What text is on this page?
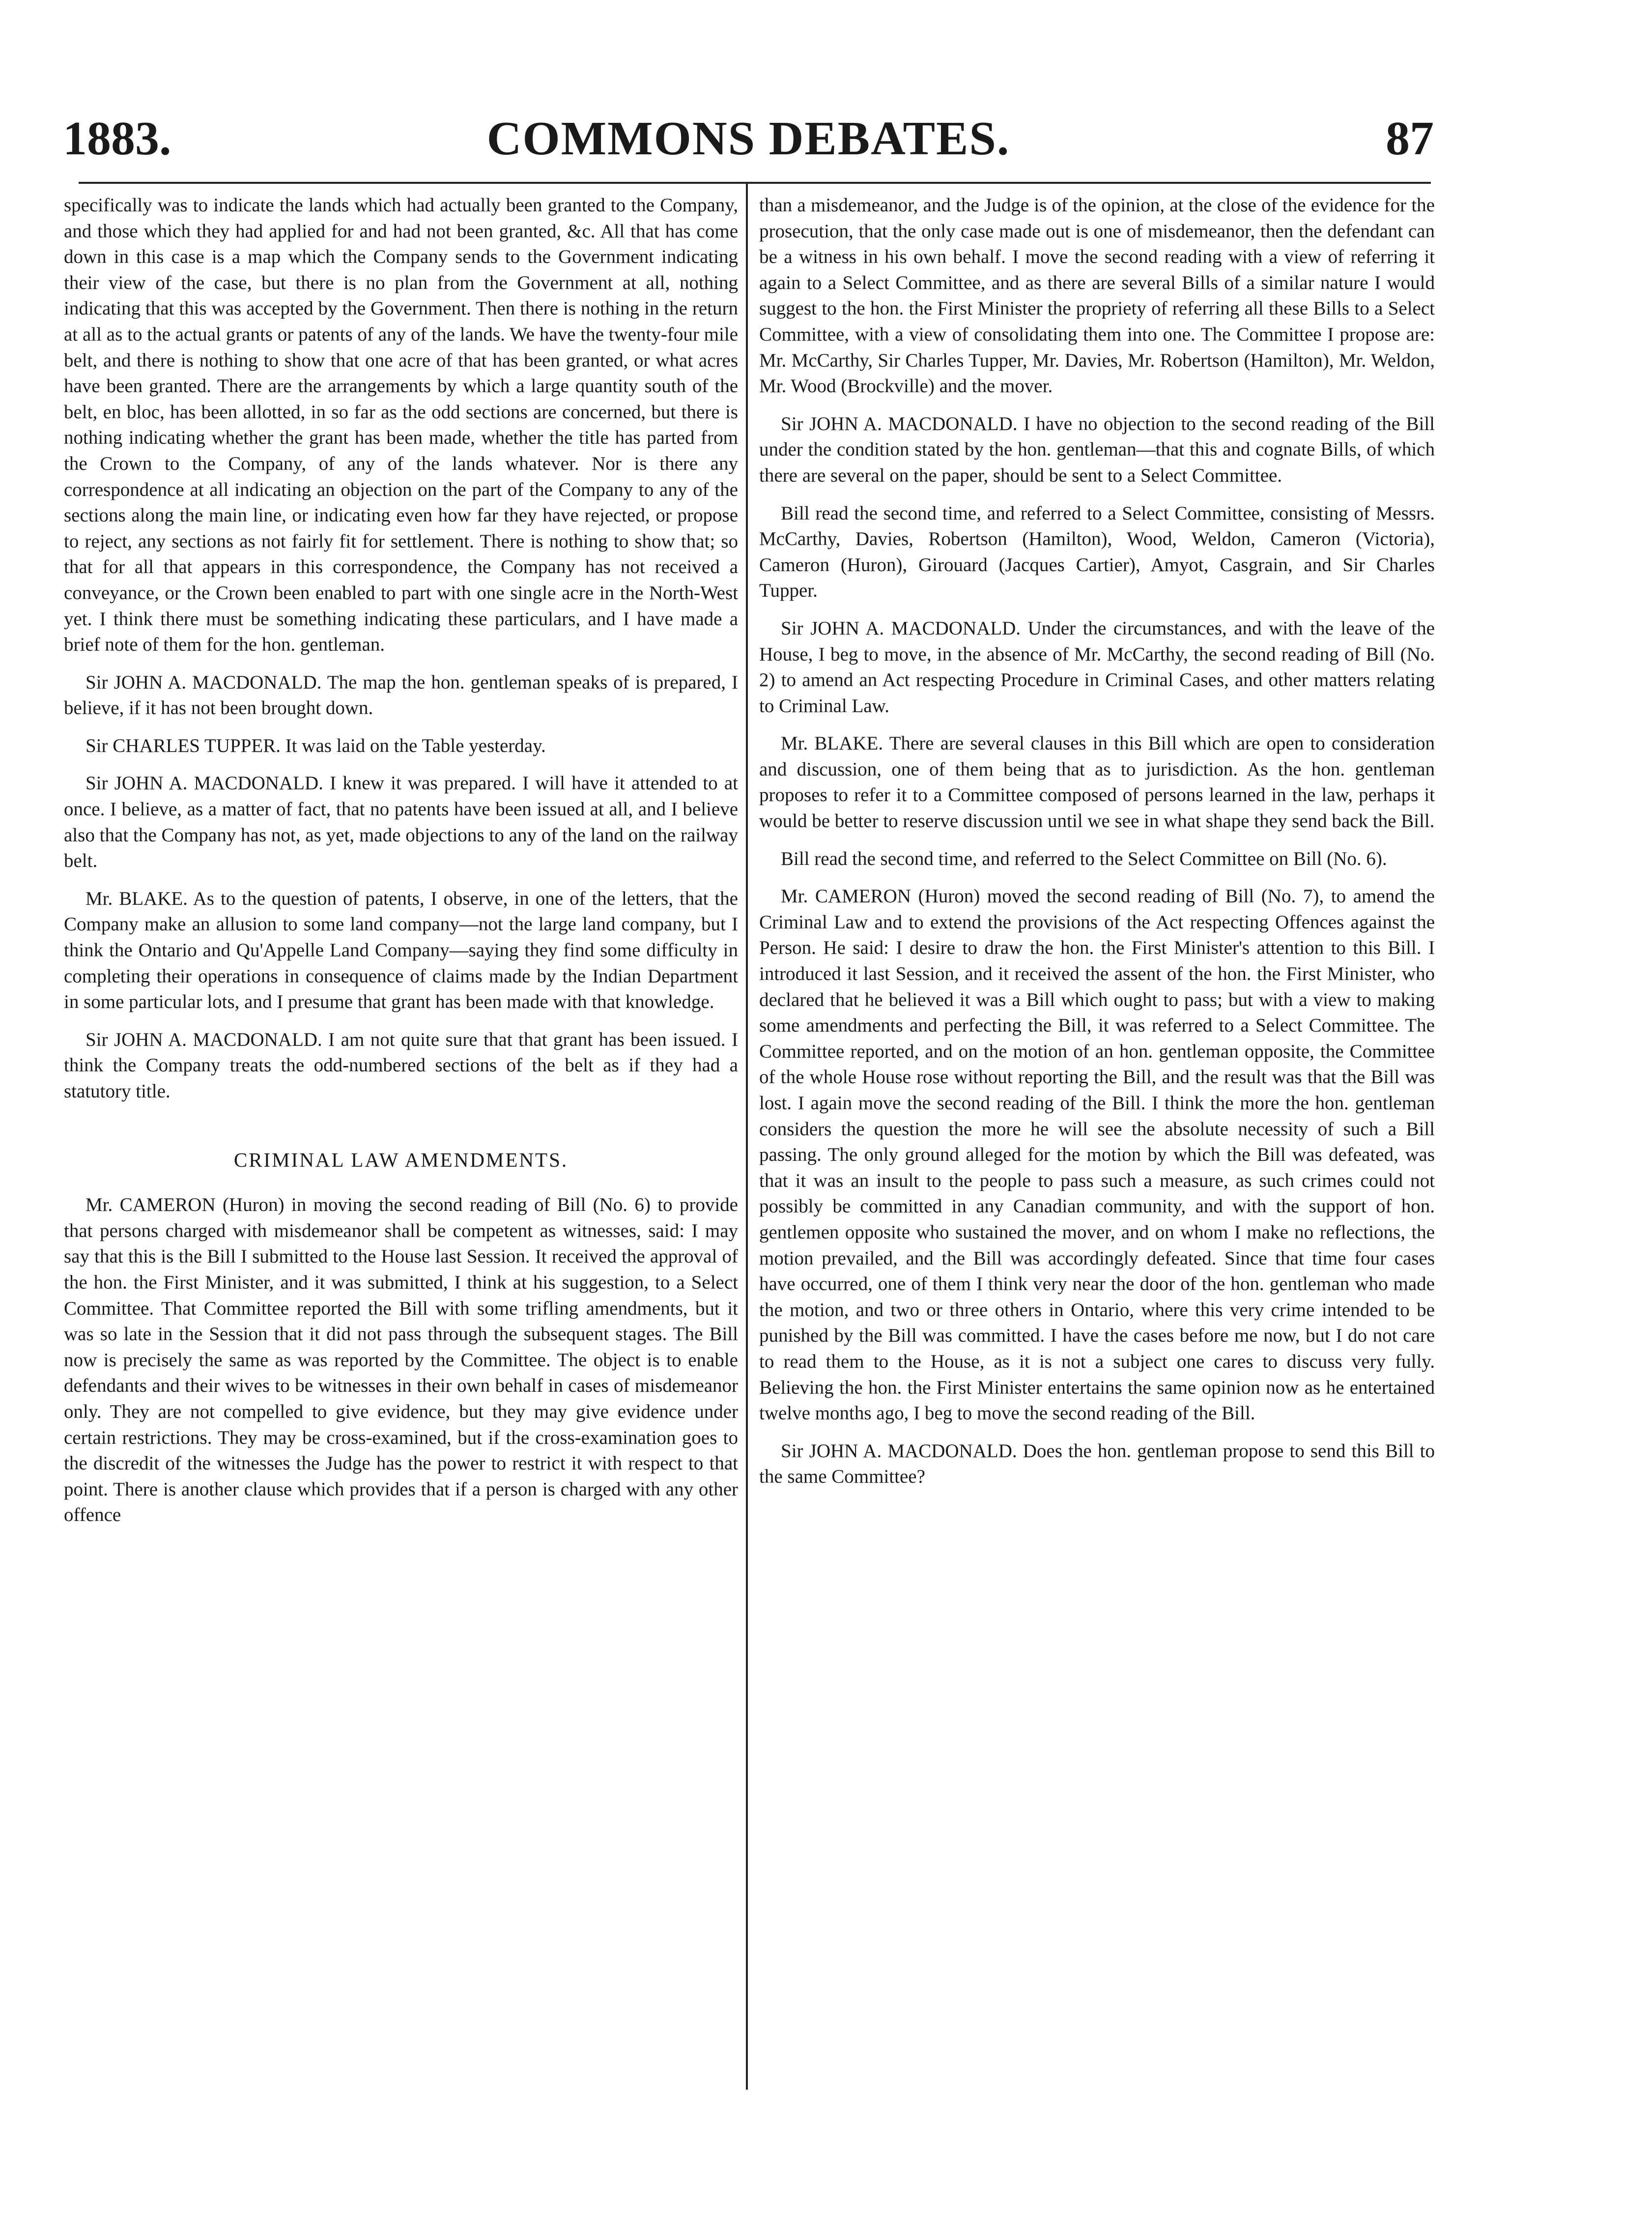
1883.	COMMONS DEBATES.	87

specifically was to indicate the lands which had actually been granted to the Company, and those which they had applied for and had not been granted, &c. All that has come down in this case is a map which the Company sends to the Government indicating their view of the case, but there is no plan from the Government at all, nothing indicating that this was accepted by the Government. Then there is nothing in the return at all as to the actual grants or patents of any of the lands. We have the twenty-four mile belt, and there is nothing to show that one acre of that has been granted, or what acres have been granted. There are the arrangements by which a large quantity south of the belt, en bloc, has been allotted, in so far as the odd sections are concerned, but there is nothing indicating whether the grant has been made, whether the title has parted from the Crown to the Company, of any of the lands whatever. Nor is there any correspondence at all indicating an objection on the part of the Company to any of the sections along the main line, or indicating even how far they have rejected, or propose to reject, any sections as not fairly fit for settlement. There is nothing to show that; so that for all that appears in this correspondence, the Company has not received a conveyance, or the Crown been enabled to part with one single acre in the North-West yet. I think there must be something indicating these particulars, and I have made a brief note of them for the hon. gentleman.

Sir JOHN A. MACDONALD. The map the hon. gentleman speaks of is prepared, I believe, if it has not been brought down.

Sir CHARLES TUPPER. It was laid on the Table yesterday.

Sir JOHN A. MACDONALD. I knew it was prepared. I will have it attended to at once. I believe, as a matter of fact, that no patents have been issued at all, and I believe also that the Company has not, as yet, made objections to any of the land on the railway belt.

Mr. BLAKE. As to the question of patents, I observe, in one of the letters, that the Company make an allusion to some land company—not the large land company, but I think the Ontario and Qu'Appelle Land Company—saying they find some difficulty in completing their operations in consequence of claims made by the Indian Department in some particular lots, and I presume that grant has been made with that knowledge.

Sir JOHN A. MACDONALD. I am not quite sure that that grant has been issued. I think the Company treats the odd-numbered sections of the belt as if they had a statutory title.

CRIMINAL LAW AMENDMENTS.

Mr. CAMERON (Huron) in moving the second reading of Bill (No. 6) to provide that persons charged with misdemeanor shall be competent as witnesses, said: I may say that this is the Bill I submitted to the House last Session. It received the approval of the hon. the First Minister, and it was submitted, I think at his suggestion, to a Select Committee. That Committee reported the Bill with some trifling amendments, but it was so late in the Session that it did not pass through the subsequent stages. The Bill now is precisely the same as was reported by the Committee. The object is to enable defendants and their wives to be witnesses in their own behalf in cases of misdemeanor only. They are not compelled to give evidence, but they may give evidence under certain restrictions. They may be cross-examined, but if the cross-examination goes to the discredit of the witnesses the Judge has the power to restrict it with respect to that point. There is another clause which provides that if a person is charged with any other offence

than a misdemeanor, and the Judge is of the opinion, at the close of the evidence for the prosecution, that the only case made out is one of misdemeanor, then the defendant can be a witness in his own behalf. I move the second reading with a view of referring it again to a Select Committee, and as there are several Bills of a similar nature I would suggest to the hon. the First Minister the propriety of referring all these Bills to a Select Committee, with a view of consolidating them into one. The Committee I propose are: Mr. McCarthy, Sir Charles Tupper, Mr. Davies, Mr. Robertson (Hamilton), Mr. Weldon, Mr. Wood (Brockville) and the mover.

Sir JOHN A. MACDONALD. I have no objection to the second reading of the Bill under the condition stated by the hon. gentleman—that this and cognate Bills, of which there are several on the paper, should be sent to a Select Committee.

Bill read the second time, and referred to a Select Committee, consisting of Messrs. McCarthy, Davies, Robertson (Hamilton), Wood, Weldon, Cameron (Victoria), Cameron (Huron), Girouard (Jacques Cartier), Amyot, Casgrain, and Sir Charles Tupper.

Sir JOHN A. MACDONALD. Under the circumstances, and with the leave of the House, I beg to move, in the absence of Mr. McCarthy, the second reading of Bill (No. 2) to amend an Act respecting Procedure in Criminal Cases, and other matters relating to Criminal Law.

Mr. BLAKE. There are several clauses in this Bill which are open to consideration and discussion, one of them being that as to jurisdiction. As the hon. gentleman proposes to refer it to a Committee composed of persons learned in the law, perhaps it would be better to reserve discussion until we see in what shape they send back the Bill.

Bill read the second time, and referred to the Select Committee on Bill (No. 6).

Mr. CAMERON (Huron) moved the second reading of Bill (No. 7), to amend the Criminal Law and to extend the provisions of the Act respecting Offences against the Person. He said: I desire to draw the hon. the First Minister's attention to this Bill. I introduced it last Session, and it received the assent of the hon. the First Minister, who declared that he believed it was a Bill which ought to pass; but with a view to making some amendments and perfecting the Bill, it was referred to a Select Committee. The Committee reported, and on the motion of an hon. gentleman opposite, the Committee of the whole House rose without reporting the Bill, and the result was that the Bill was lost. I again move the second reading of the Bill. I think the more the hon. gentleman considers the question the more he will see the absolute necessity of such a Bill passing. The only ground alleged for the motion by which the Bill was defeated, was that it was an insult to the people to pass such a measure, as such crimes could not possibly be committed in any Canadian community, and with the support of hon. gentlemen opposite who sustained the mover, and on whom I make no reflections, the motion prevailed, and the Bill was accordingly defeated. Since that time four cases have occurred, one of them I think very near the door of the hon. gentleman who made the motion, and two or three others in Ontario, where this very crime intended to be punished by the Bill was committed. I have the cases before me now, but I do not care to read them to the House, as it is not a subject one cares to discuss very fully. Believing the hon. the First Minister entertains the same opinion now as he entertained twelve months ago, I beg to move the second reading of the Bill.

Sir JOHN A. MACDONALD. Does the hon. gentleman propose to send this Bill to the same Committee?
